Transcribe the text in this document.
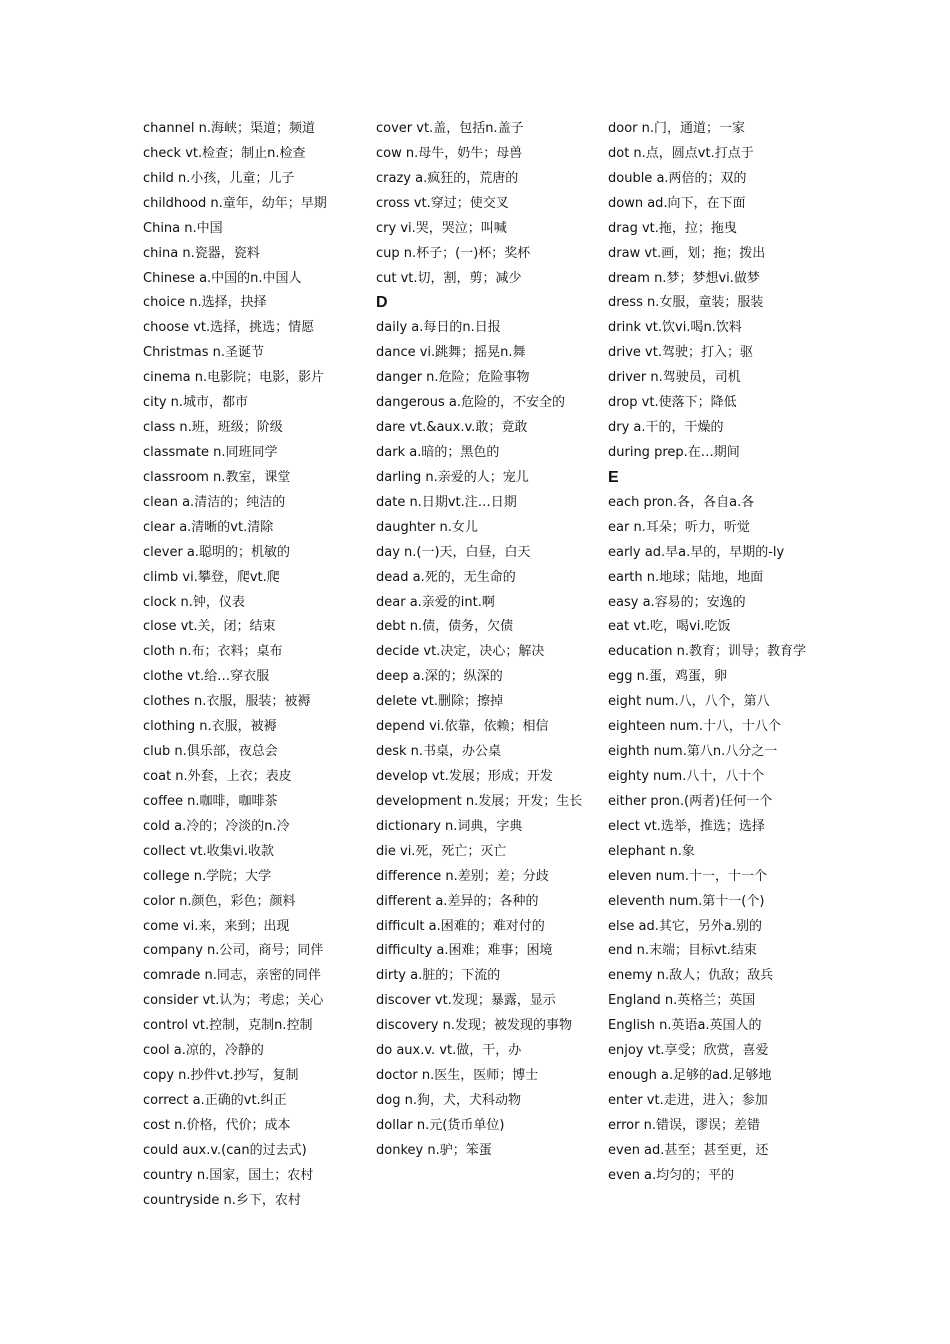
channel n.海峡；渠道；频道
check vt.检查；制止n.检查
child n.小孩，儿童；儿子
childhood n.童年，幼年；早期
China n.中国
china n.瓷器，瓷料
Chinese a.中国的n.中国人
choice n.选择，抉择
choose vt.选择，挑选；情愿
Christmas n.圣诞节
cinema n.电影院；电影，影片
city n.城市，都市
class n.班，班级；阶级
classmate n.同班同学
classroom n.教室，课堂
clean a.清洁的；纯洁的
clear a.清晰的vt.清除
clever a.聪明的；机敏的
climb vi.攀登，爬vt.爬
clock n.钟，仪表
close vt.关，闭；结束
cloth n.布；衣料；桌布
clothe vt.给…穿衣服
clothes n.衣服，服装；被褥
clothing n.衣服，被褥
club n.俱乐部，夜总会
coat n.外套，上衣；表皮
coffee n.咖啡，咖啡茶
cold a.冷的；冷淡的n.冷
collect vt.收集vi.收款
college n.学院；大学
color n.颜色，彩色；颜料
come vi.来，来到；出现
company n.公司，商号；同伴
comrade n.同志，亲密的同伴
consider vt.认为；考虑；关心
control vt.控制，克制n.控制
cool a.凉的，冷静的
copy n.抄件vt.抄写，复制
correct a.正确的vt.纠正
cost n.价格，代价；成本
could aux.v.(can的过去式)
country n.国家，国土；农村
countryside n.乡下，农村
cover vt.盖，包括n.盖子
cow n.母牛，奶牛；母兽
crazy a.疯狂的，荒唐的
cross vt.穿过；使交叉
cry vi.哭，哭泣；叫喊
cup n.杯子；(一)杯；奖杯
cut vt.切，割，剪；减少
D
daily a.每日的n.日报
dance vi.跳舞；摇晃n.舞
danger n.危险；危险事物
dangerous a.危险的，不安全的
dare vt.&aux.v.敢；竟敢
dark a.暗的；黑色的
darling n.亲爱的人；宠儿
date n.日期vt.注…日期
daughter n.女儿
day n.(一)天，白昼，白天
dead a.死的，无生命的
dear a.亲爱的int.啊
debt n.债，债务，欠债
decide vt.决定，决心；解决
deep a.深的；纵深的
delete vt.删除；擦掉
depend vi.依靠，依赖；相信
desk n.书桌，办公桌
develop vt.发展；形成；开发
development n.发展；开发；生长
dictionary n.词典，字典
die vi.死，死亡；灭亡
difference n.差别；差；分歧
different a.差异的；各种的
difficult a.困难的；难对付的
difficulty a.困难；难事；困境
dirty a.脏的；下流的
discover vt.发现；暴露，显示
discovery n.发现；被发现的事物
do aux.v. vt.做，干，办
doctor n.医生，医师；博士
dog n.狗，犬，犬科动物
dollar n.元(货币单位)
donkey n.驴；笨蛋
door n.门，通道；一家
dot n.点，圆点vt.打点于
double a.两倍的；双的
down ad.向下，在下面
drag vt.拖，拉；拖曳
draw vt.画，划；拖；拨出
dream n.梦；梦想vi.做梦
dress n.女服，童装；服装
drink vt.饮vi.喝n.饮料
drive vt.驾驶；打入；驱
driver n.驾驶员，司机
drop vt.使落下；降低
dry a.干的，干燥的
during prep.在…期间
E
each pron.各，各自a.各
ear n.耳朵；听力，听觉
early ad.早a.早的，早期的-ly
earth n.地球；陆地，地面
easy a.容易的；安逸的
eat vt.吃，喝vi.吃饭
education n.教育；训导；教育学
egg n.蛋，鸡蛋，卵
eight num.八，八个，第八
eighteen num.十八，十八个
eighth num.第八n.八分之一
eighty num.八十，八十个
either pron.(两者)任何一个
elect vt.选举，推选；选择
elephant n.象
eleven num.十一，十一个
eleventh num.第十一(个)
else ad.其它，另外a.别的
end n.末端；目标vt.结束
enemy n.敌人；仇敌；敌兵
England n.英格兰；英国
English n.英语a.英国人的
enjoy vt.享受；欣赏，喜爱
enough a.足够的ad.足够地
enter vt.走进，进入；参加
error n.错误，谬误；差错
even ad.甚至；甚至更，还
even a.均匀的；平的
